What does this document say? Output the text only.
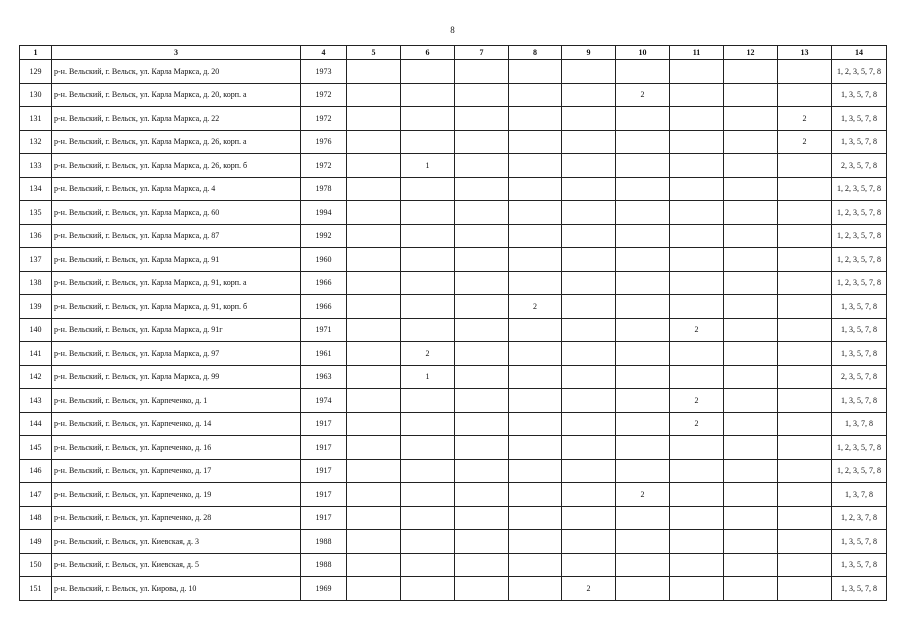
8
1	3	4	5	6	7	8	9	10	11	12	13	14
129	р-н. Вельский, г. Вельск, ул. Карла Маркса, д. 20	1973										1, 2, 3, 5, 7, 8
130	р-н. Вельский, г. Вельск, ул. Карла Маркса, д. 20, корп. а	1972						2				1, 3, 5, 7, 8
131	р-н. Вельский, г. Вельск, ул. Карла Маркса, д. 22	1972									2	1, 3, 5, 7, 8
132	р-н. Вельский, г. Вельск, ул. Карла Маркса, д. 26, корп. а	1976									2	1, 3, 5, 7, 8
133	р-н. Вельский, г. Вельск, ул. Карла Маркса, д. 26, корп. б	1972		1								2, 3, 5, 7, 8
134	р-н. Вельский, г. Вельск, ул. Карла Маркса, д. 4	1978										1, 2, 3, 5, 7, 8
135	р-н. Вельский, г. Вельск, ул. Карла Маркса, д. 60	1994										1, 2, 3, 5, 7, 8
136	р-н. Вельский, г. Вельск, ул. Карла Маркса, д. 87	1992										1, 2, 3, 5, 7, 8
137	р-н. Вельский, г. Вельск, ул. Карла Маркса, д. 91	1960										1, 2, 3, 5, 7, 8
138	р-н. Вельский, г. Вельск, ул. Карла Маркса, д. 91, корп. а	1966										1, 2, 3, 5, 7, 8
139	р-н. Вельский, г. Вельск, ул. Карла Маркса, д. 91, корп. б	1966				2						1, 3, 5, 7, 8
140	р-н. Вельский, г. Вельск, ул. Карла Маркса, д. 91г	1971							2			1, 3, 5, 7, 8
141	р-н. Вельский, г. Вельск, ул. Карла Маркса, д. 97	1961		2								1, 3, 5, 7, 8
142	р-н. Вельский, г. Вельск, ул. Карла Маркса, д. 99	1963		1								2, 3, 5, 7, 8
143	р-н. Вельский, г. Вельск, ул. Карпеченко, д. 1	1974							2			1, 3, 5, 7, 8
144	р-н. Вельский, г. Вельск, ул. Карпеченко, д. 14	1917							2			1, 3, 7, 8
145	р-н. Вельский, г. Вельск, ул. Карпеченко, д. 16	1917										1, 2, 3, 5, 7, 8
146	р-н. Вельский, г. Вельск, ул. Карпеченко, д. 17	1917										1, 2, 3, 5, 7, 8
147	р-н. Вельский, г. Вельск, ул. Карпеченко, д. 19	1917						2				1, 3, 7, 8
148	р-н. Вельский, г. Вельск, ул. Карпеченко, д. 28	1917										1, 2, 3, 7, 8
149	р-н. Вельский, г. Вельск, ул. Киевская, д. 3	1988										1, 3, 5, 7, 8
150	р-н. Вельский, г. Вельск, ул. Киевская, д. 5	1988										1, 3, 5, 7, 8
151	р-н. Вельский, г. Вельск, ул. Кирова, д. 10	1969					2					1, 3, 5, 7, 8
